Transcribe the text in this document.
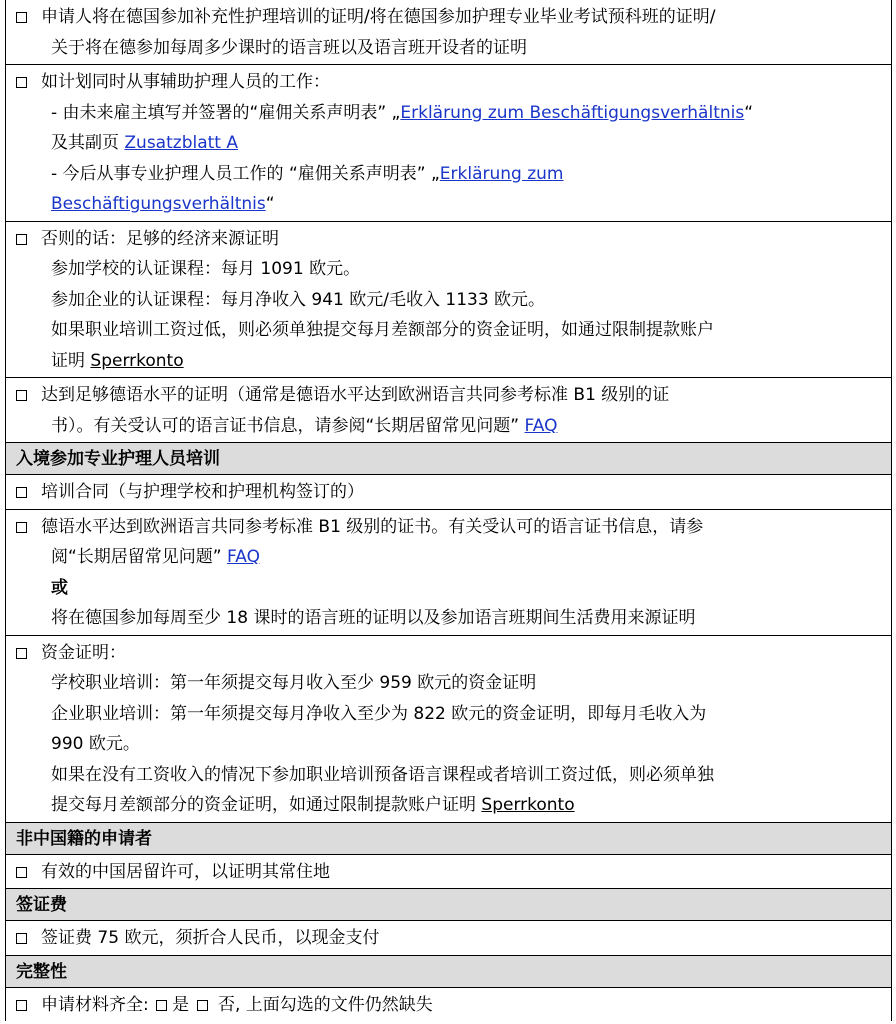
申请人将在德国参加补充性护理培训的证明/将在德国参加护理专业毕业考试预科班的证明/
关于将在德参加每周多少课时的语言班以及语言班开设者的证明
如计划同时从事辅助护理人员的工作：
- 由未来雇主填写并签署的“雇佣关系声明表” „Erklärung zum Beschäftigungsverhältnis“
及其副页 Zusatzblatt A
- 今后从事专业护理人员工作的 “雇佣关系声明表” „Erklärung zum
Beschäftigungsverhältnis“
否则的话：足够的经济来源证明
参加学校的认证课程：每月 1091 欧元。
参加企业的认证课程：每月净收入 941 欧元/毛收入 1133 欧元。
如果职业培训工资过低，则必须单独提交每月差额部分的资金证明，如通过限制提款账户
证明 Sperrkonto
达到足够德语水平的证明（通常是德语水平达到欧洲语言共同参考标准 B1 级别的证
书）。有关受认可的语言证书信息，请参阅“长期居留常见问题” FAQ
入境参加专业护理人员培训
培训合同（与护理学校和护理机构签订的）
德语水平达到欧洲语言共同参考标准 B1 级别的证书。有关受认可的语言证书信息，请参
阅“长期居留常见问题” FAQ
或
将在德国参加每周至少 18 课时的语言班的证明以及参加语言班期间生活费用来源证明
资金证明：
学校职业培训：第一年须提交每月收入至少 959 欧元的资金证明
企业职业培训：第一年须提交每月净收入至少为 822 欧元的资金证明，即每月毛收入为
990 欧元。
如果在没有工资收入的情况下参加职业培训预备语言课程或者培训工资过低，则必须单独
提交每月差额部分的资金证明，如通过限制提款账户证明 Sperrkonto
非中国籍的申请者
有效的中国居留许可，以证明其常住地
签证费
签证费 75 欧元，须折合人民币，以现金支付
完整性
申请材料齐全: 是  否, 上面勾选的文件仍然缺失
